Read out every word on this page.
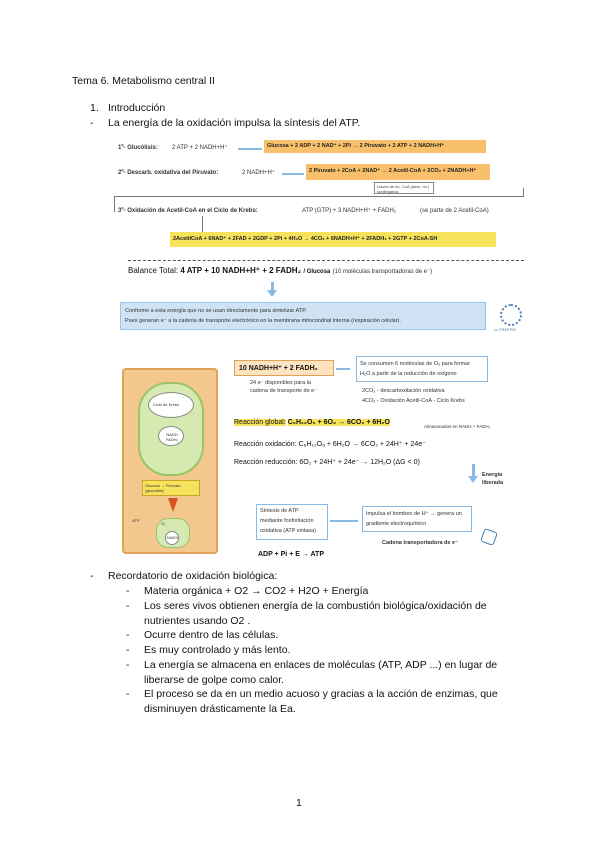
Tema 6. Metabolismo central II
1. Introducción
- La energía de la oxidación impulsa la síntesis del ATP.
1º- Glucólisis: 2 ATP + 2 NADH+H⁺	Glucosa + 2 ADP + 2 NAD⁺ + 2Pi → 2 Piruvato + 2 ATP + 2 NADH+H⁺
2º- Descarb. oxidativa del Piruvato:	2 NADH+H⁺	2 Piruvato + 2CoA + 2NAD⁺ → 2 Acetil-CoA + 2CO₂ + 2NADH+H⁺
Llaves de Ac. CoA (desc. ox.) conlleganos
3º- Oxidación de Acetil-CoA en el Ciclo de Krebs:	ATP (GTP) + 3 NADH+H⁺ + FADH₂	(se parte de 2 Acetil-CoA)
2AcetilCoA + 6NAD⁺ + 2FAD + 2GDP + 2Pi + 4H₂O → 4CO₂ + 6NADH+H⁺ + 2FADH₂ + 2GTP + 2CoA-SH
Balance Total: 4 ATP + 10 NADH+H⁺ + 2 FADH₂ / Glucosa (10 moléculas transportadoras de e⁻)
Conforme a esta energía que no se usan directamente para sintetizar ATP.
Pues generan e⁻ a la cadena de transporte electrónico en la membrana mitocondrial interna (respiración celular).
cc FREEPIK
Ciclo de Krebs
NADH FADH₂
Glucosa → Piruvato (glucólisis)
O₂
NADH
ATP
10 NADH+H⁺ + 2 FADH₂
24 e⁻ disponibles para la
cadena de transporte de e⁻
Se consumen 6 moléculas de O₂ para formar
H₂O a partir de la reducción de oxígeno
2CO₂ - descarboxilación oxidativa
4CO₂ - Oxidación Acetil-CoA - Ciclo Krebs
Reacción global: C₆H₁₂O₆ + 6O₂ → 6CO₂ + 6H₂O
Almacenados en NADH + FADH₂
Reacción oxidación: C₆H₁₂O₆ + 6H₂O → 6CO₂ + 24H⁺ + 24e⁻
Reacción reducción: 6O₂ + 24H⁺ + 24e⁻ → 12H₂O (ΔG < 0)
Energía
liberada
Síntesis de ATP
mediante fosforilación
oxidativa (ATP sintasa)
Impulsa el bombeo de H⁺ → genera un
gradiente electroquímico
Cadena transportadora de e⁻
ADP + Pi + E → ATP
- Recordatorio de oxidación biológica:
- Materia orgánica + O2 → CO2 + H2O + Energía
- Los seres vivos obtienen energía de la combustión biológica/oxidación de nutrientes usando O2 .
- Ocurre dentro de las células.
- Es muy controlado y más lento.
- La energía se almacena en enlaces de moléculas (ATP, ADP ...) en lugar de liberarse de golpe como calor.
- El proceso se da en un medio acuoso y gracias a la acción de enzimas, que disminuyen drásticamente la Ea.
1
